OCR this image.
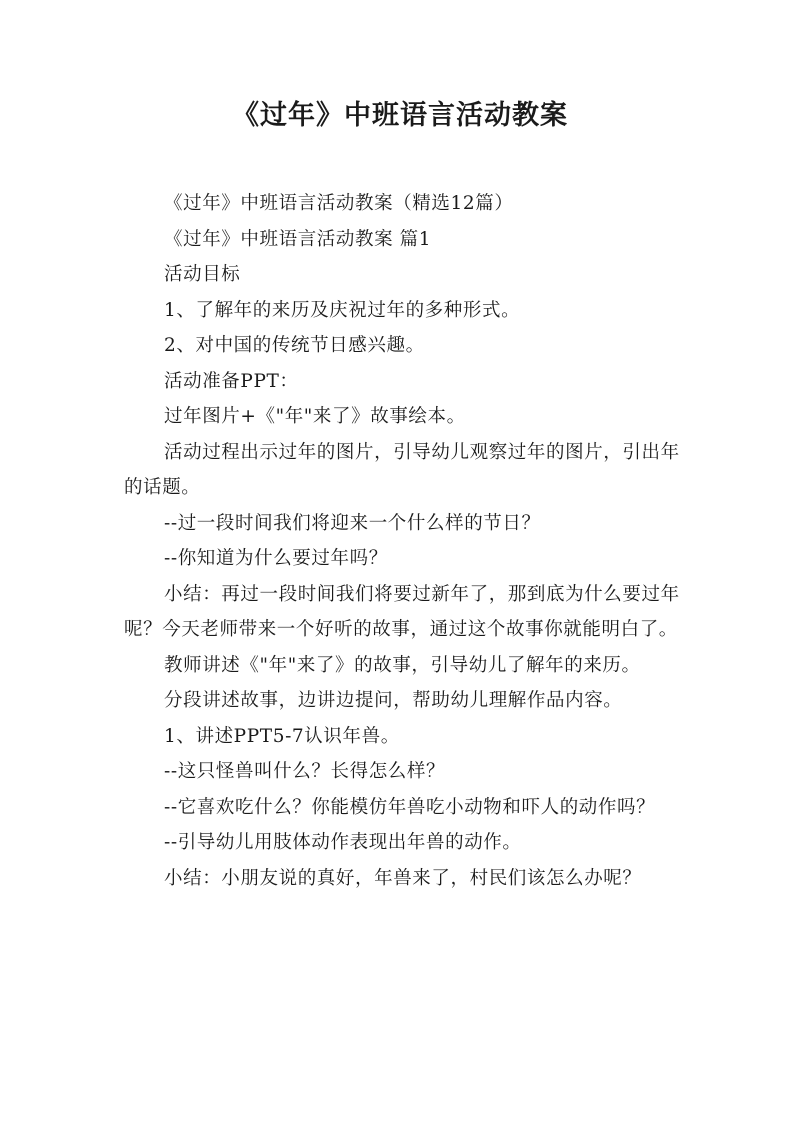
《过年》中班语言活动教案

《过年》中班语言活动教案（精选12篇）

《过年》中班语言活动教案 篇1

活动目标

1、了解年的来历及庆祝过年的多种形式。

2、对中国的传统节日感兴趣。

活动准备PPT：

过年图片+《"年"来了》故事绘本。

活动过程出示过年的图片，引导幼儿观察过年的图片，引出年的话题。

--过一段时间我们将迎来一个什么样的节日？

--你知道为什么要过年吗？

小结：再过一段时间我们将要过新年了，那到底为什么要过年呢？今天老师带来一个好听的故事，通过这个故事你就能明白了。

教师讲述《"年"来了》的故事，引导幼儿了解年的来历。

分段讲述故事，边讲边提问，帮助幼儿理解作品内容。

1、讲述PPT5-7认识年兽。

--这只怪兽叫什么？长得怎么样？

--它喜欢吃什么？你能模仿年兽吃小动物和吓人的动作吗？

--引导幼儿用肢体动作表现出年兽的动作。

小结：小朋友说的真好，年兽来了，村民们该怎么办呢？
